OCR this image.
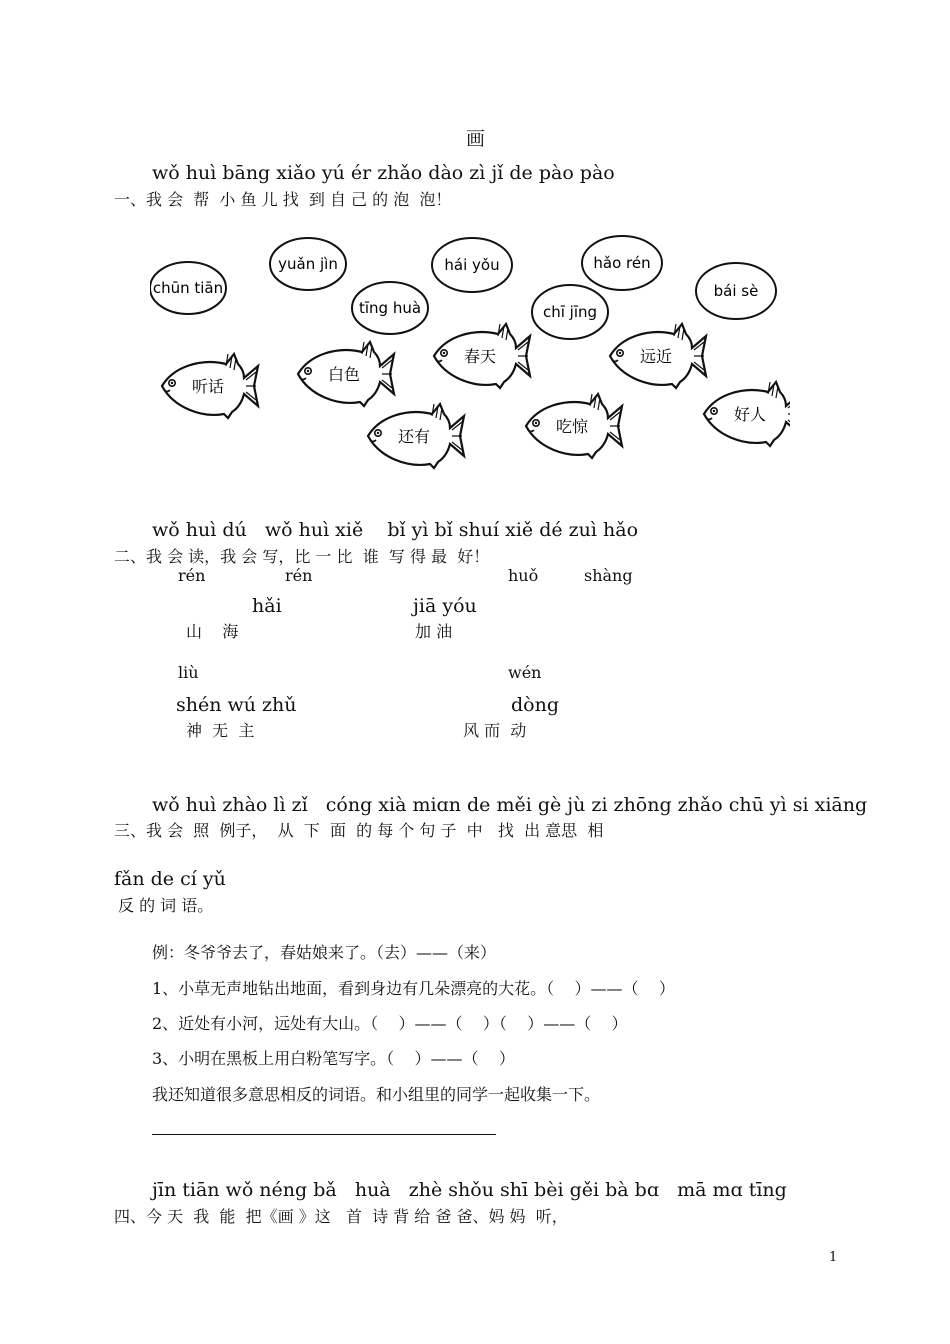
画
wǒ huì bāng xiǎo yú ér zhǎo dào zì jǐ de pào pào
一、我 会  帮  小 鱼 儿 找  到 自 己 的 泡  泡！
chūn tiān
yuǎn jìn
tīng huà
hái yǒu
chī jīng
hǎo rén
bái sè
听话
白色
春天	远近
还有
吃惊
好人
wǒ huì dú   wǒ huì xiě    bǐ yì bǐ shuí xiě dé zuì hǎo
二、我 会 读，我 会 写，比 一 比  谁  写 得 最  好！
rén	rén	huǒ	shàng
hǎi	jiā yóu
山    海	加 油
liù	wén
shén wú zhǔ	dòng
神  无  主	风 而  动
wǒ huì zhào lì zǐ   cóng xià miɑn de měi gè jù zi zhōng zhǎo chū yì si xiāng
三、我 会  照  例子，  从  下  面  的 每 个 句 子  中   找  出 意思  相
fǎn de cí yǔ
反 的 词 语。
例：冬爷爷去了，春姑娘来了。（去）——（来）
1、小草无声地钻出地面，看到身边有几朵漂亮的大花。（    ）——（    ）
2、近处有小河，远处有大山。（    ）——（    ）（    ）——（    ）
3、小明在黑板上用白粉笔写字。（    ）——（    ）
我还知道很多意思相反的词语。和小组里的同学一起收集一下。
jīn tiān wǒ néng bǎ   huà   zhè shǒu shī bèi gěi bà bɑ   mā mɑ tīng
四、今 天  我  能  把《画 》这   首  诗 背 给 爸 爸、妈 妈  听，
1
